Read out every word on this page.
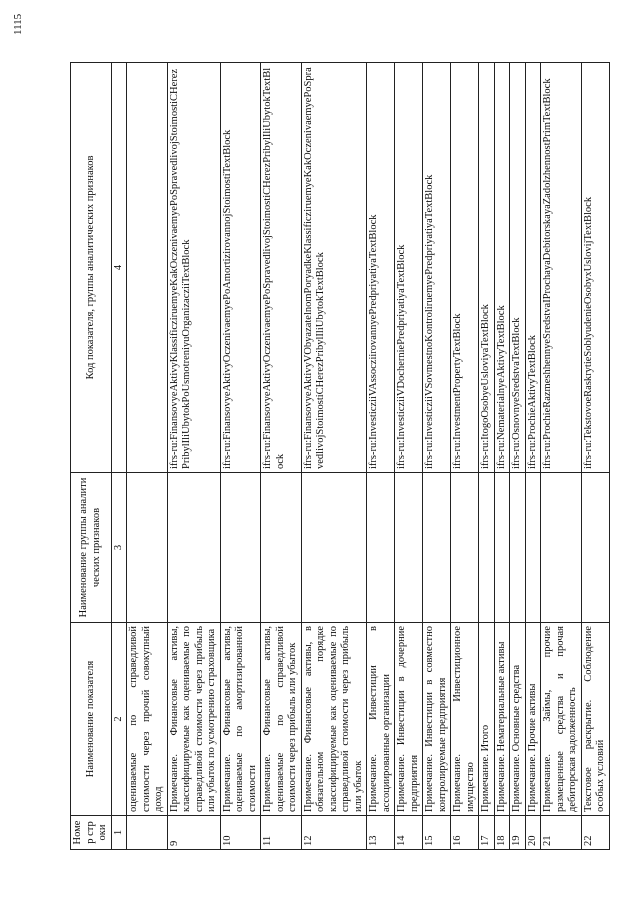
1115
Номер строки	Наименование показателя	Наименование группы аналитических признаков	Код показателя, группы аналитических признаков
1	2	3	4
	оцениваемые по справедливой стоимости через прочий совокупный доход		
9	Примечание. Финансовые активы, классифицируемые как оцениваемые по справедливой стоимости через прибыль или убыток по усмотрению страховщика		ifrs-ru:FinansovyeAktivyKlassificziruemyeKakOczenivaemyePoSpravedlivojStoimostiCHerezPribylIliUbytokPoUsmotreniyuOrganizacziiTextBlock
10	Примечание. Финансовые активы, оцениваемые по амортизированной стоимости		ifrs-ru:FinansovyeAktivyOczenivaemyePoAmortizirovannojStoimostiTextBlock
11	Примечание. Финансовые активы, оцениваемые по справедливой стоимости через прибыль или убыток		ifrs-ru:FinansovyeAktivyOczenivaemyePoSpravedlivojStoimostiCHerezPribylIliUbytokTextBlock
12	Примечание. Финансовые активы, в обязательном порядке классифицируемые как оцениваемые по справедливой стоимости через прибыль или убыток		ifrs-ru:FinansovyeAktivyVObyazatelnomPoryadkeKlassificziruemyeKakOczenivaemyePoSpravedlivojStoimostiCHerezPribylIliUbytokTextBlock
13	Примечание. Инвестиции в ассоциированные организации		ifrs-ru:InvesticziiVAssocziirovannyePredpriyatiyaTextBlock
14	Примечание. Инвестиции в дочерние предприятия		ifrs-ru:InvesticziiVDocherniePredpriyatiyaTextBlock
15	Примечание. Инвестиции в совместно контролируемые предприятия		ifrs-ru:InvesticziiVSovmestnoKontroliruemyePredpriyatiyaTextBlock
16	Примечание. Инвестиционное имущество		ifrs-ru:InvestmentPropertyTextBlock
17	Примечание. Итого		ifrs-ru:ItogoOsobyeUsloviyaTextBlock
18	Примечание. Нематериальные активы		ifrs-ru:NematerialnyeAktivyTextBlock
19	Примечание. Основные средства		ifrs-ru:OsnovnyeSredstvaTextBlock
20	Примечание. Прочие активы		ifrs-ru:ProchieAktivyTextBlock
21	Примечание. Займы, прочие размещенные средства и прочая дебиторская задолженность		ifrs-ru:ProchieRazmeshhennyeSredstvaIProchayaDebitorskayaZadolzhennostPrimTextBlock
22	Текстовое раскрытие. Соблюдение особых условий		ifrs-ru:TekstovoeRaskrytieSoblyudenieOsobyxUslovijTextBlock
